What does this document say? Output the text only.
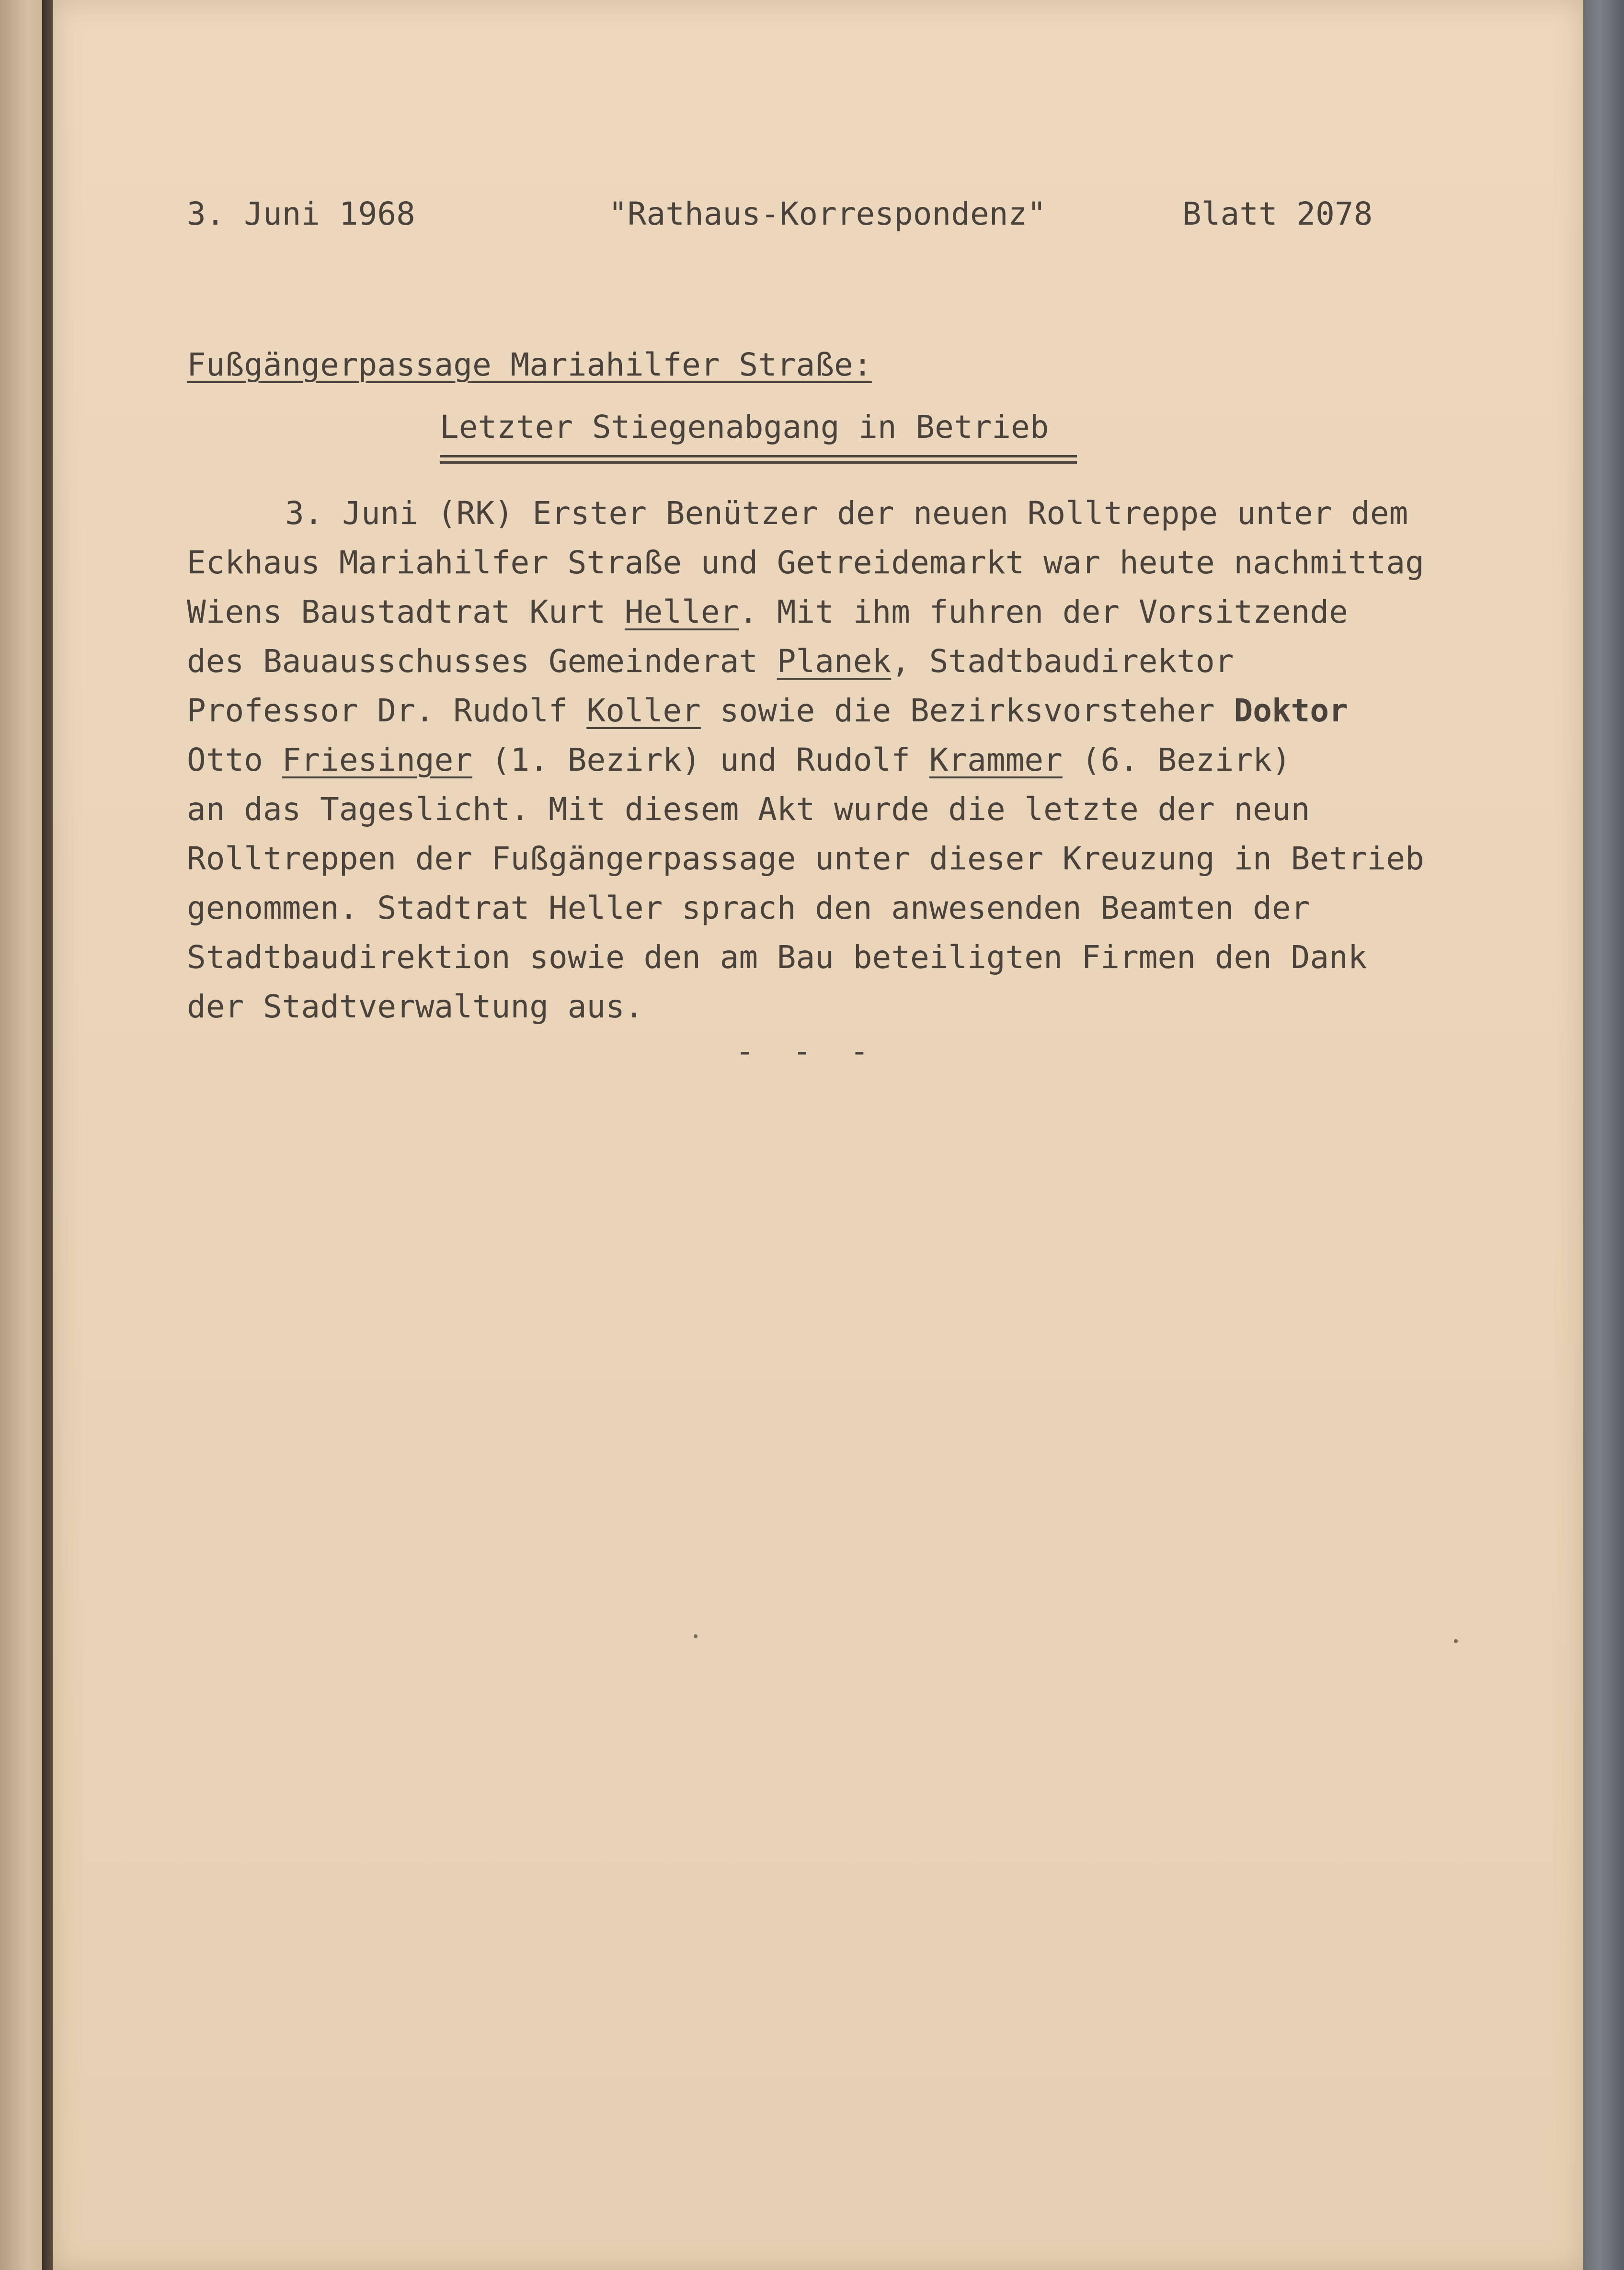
3. Juni 1968	"Rathaus-Korrespondenz"	Blatt 2078
Fußgängerpassage Mariahilfer Straße:
Letzter Stiegenabgang in Betrieb
3. Juni (RK) Erster Benützer der neuen Rolltreppe unter dem
Eckhaus Mariahilfer Straße und Getreidemarkt war heute nachmittag
Wiens Baustadtrat Kurt Heller. Mit ihm fuhren der Vorsitzende
des Bauausschusses Gemeinderat Planek, Stadtbaudirektor
Professor Dr. Rudolf Koller sowie die Bezirksvorsteher Doktor
Otto Friesinger (1. Bezirk) und Rudolf Krammer (6. Bezirk)
an das Tageslicht. Mit diesem Akt wurde die letzte der neun
Rolltreppen der Fußgängerpassage unter dieser Kreuzung in Betrieb
genommen. Stadtrat Heller sprach den anwesenden Beamten der
Stadtbaudirektion sowie den am Bau beteiligten Firmen den Dank
der Stadtverwaltung aus.
- - -
